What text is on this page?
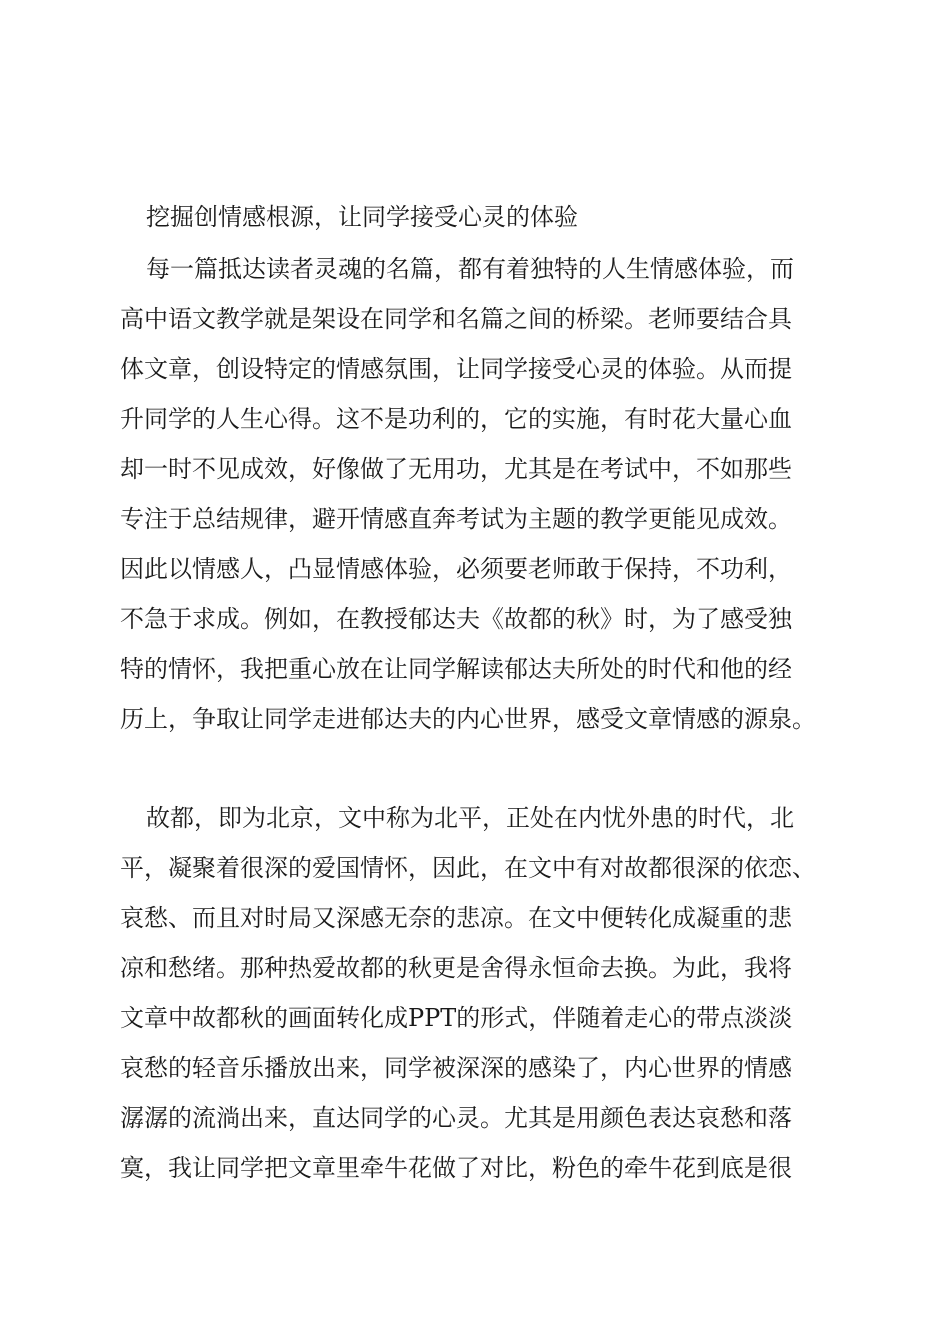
挖掘创情感根源，让同学接受心灵的体验

每一篇抵达读者灵魂的名篇，都有着独特的人生情感体验，而

高中语文教学就是架设在同学和名篇之间的桥梁。老师要结合具

体文章，创设特定的情感氛围，让同学接受心灵的体验。从而提

升同学的人生心得。这不是功利的，它的实施，有时花大量心血

却一时不见成效，好像做了无用功，尤其是在考试中，不如那些

专注于总结规律，避开情感直奔考试为主题的教学更能见成效。

因此以情感人，凸显情感体验，必须要老师敢于保持，不功利，

不急于求成。例如，在教授郁达夫《故都的秋》时，为了感受独

特的情怀，我把重心放在让同学解读郁达夫所处的时代和他的经

历上，争取让同学走进郁达夫的内心世界，感受文章情感的源泉。

故都，即为北京，文中称为北平，正处在内忧外患的时代，北

平，凝聚着很深的爱国情怀，因此，在文中有对故都很深的依恋、

哀愁、而且对时局又深感无奈的悲凉。在文中便转化成凝重的悲

凉和愁绪。那种热爱故都的秋更是舍得永恒命去换。为此，我将

文章中故都秋的画面转化成PPT的形式，伴随着走心的带点淡淡

哀愁的轻音乐播放出来，同学被深深的感染了，内心世界的情感

潺潺的流淌出来，直达同学的心灵。尤其是用颜色表达哀愁和落

寞，我让同学把文章里牵牛花做了对比，粉色的牵牛花到底是很
